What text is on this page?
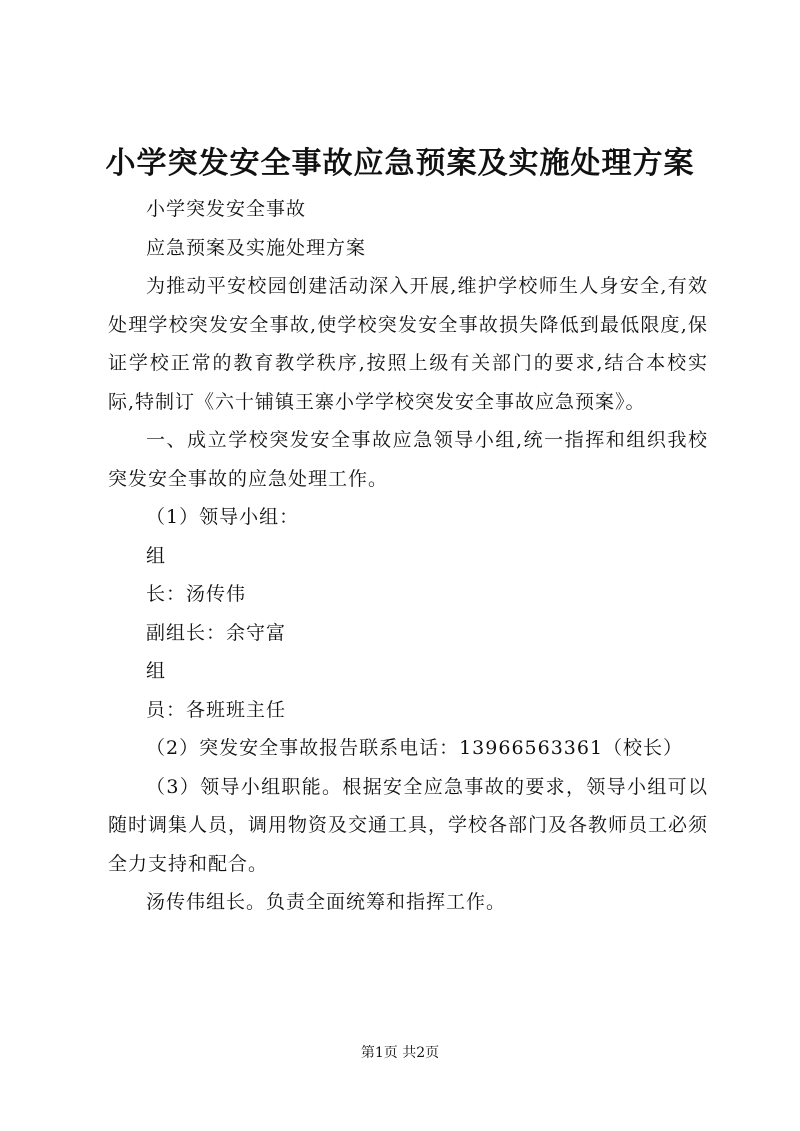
小学突发安全事故应急预案及实施处理方案

小学突发安全事故

应急预案及实施处理方案

为推动平安校园创建活动深入开展,维护学校师生人身安全,有效处理学校突发安全事故,使学校突发安全事故损失降低到最低限度,保证学校正常的教育教学秩序,按照上级有关部门的要求,结合本校实际,特制订《六十铺镇王寨小学学校突发安全事故应急预案》。

一、成立学校突发安全事故应急领导小组,统一指挥和组织我校突发安全事故的应急处理工作。

（1）领导小组：

组

长：汤传伟

副组长：余守富

组

员：各班班主任

（2）突发安全事故报告联系电话：13966563361（校长）

（3）领导小组职能。根据安全应急事故的要求，领导小组可以随时调集人员，调用物资及交通工具，学校各部门及各教师员工必须全力支持和配合。

汤传伟组长。负责全面统筹和指挥工作。

第1页 共2页
